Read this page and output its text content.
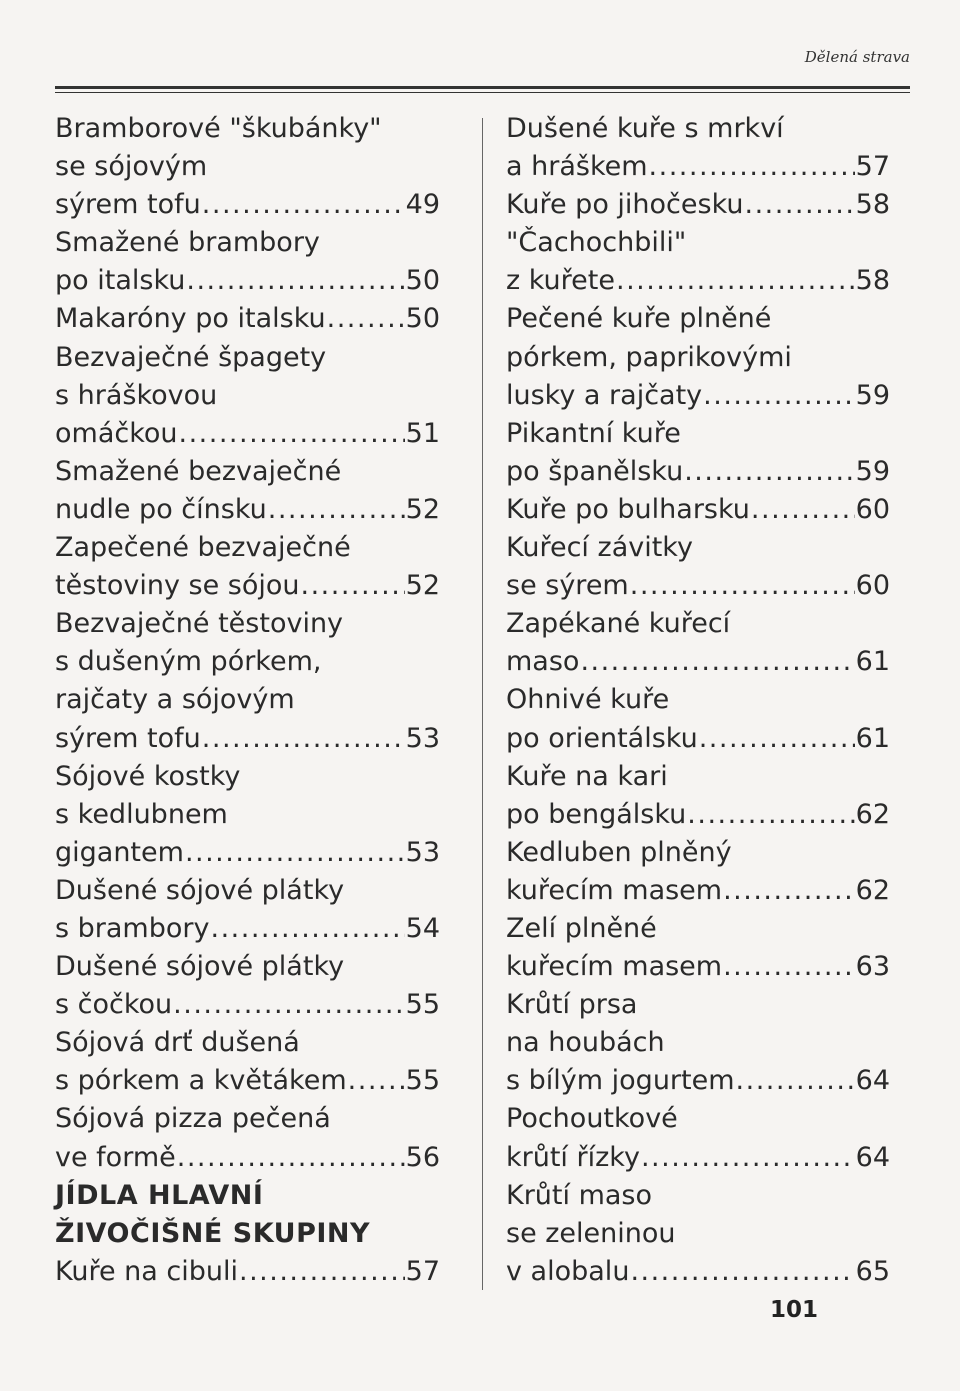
Dělená strava
Bramborové "škubánky"
se sójovým
sýrem tofu .....	49
Smažené brambory
po italsku .....	50
Makaróny po italsku .....	50
Bezvaječné špagety
s hráškovou
omáčkou .....	51
Smažené bezvaječné
nudle po čínsku .....	52
Zapečené bezvaječné
těstoviny se sójou .....	52
Bezvaječné těstoviny
s dušeným pórkem,
rajčaty a sójovým
sýrem tofu .....	53
Sójové kostky
s kedlubnem
gigantem .....	53
Dušené sójové plátky
s brambory .....	54
Dušené sójové plátky
s čočkou .....	55
Sójová drť dušená
s pórkem a květákem ..... 55
Sójová pizza pečená
ve formě .....	56
JÍDLA HLAVNÍ
ŽIVOČIŠNÉ SKUPINY
Kuře na cibuli .....	57
Dušené kuře s mrkví
a hráškem .....	57
Kuře po jihočesku .....	58
"Čachochbili"
z kuřete .....	58
Pečené kuře plněné
pórkem, paprikovými
lusky a rajčaty .....	59
Pikantní kuře
po španělsku .....	59
Kuře po bulharsku .....	60
Kuřecí závitky
se sýrem .....	60
Zapékané kuřecí
maso .....	61
Ohnivé kuře
po orientálsku .....	61
Kuře na kari
po bengálsku .....	62
Kedluben plněný
kuřecím masem .....	62
Zelí plněné
kuřecím masem .....	63
Krůtí prsa
na houbách
s bílým jogurtem .....	64
Pochoutkové
krůtí řízky .....	64
Krůtí maso
se zeleninou
v alobalu .....	65
101
